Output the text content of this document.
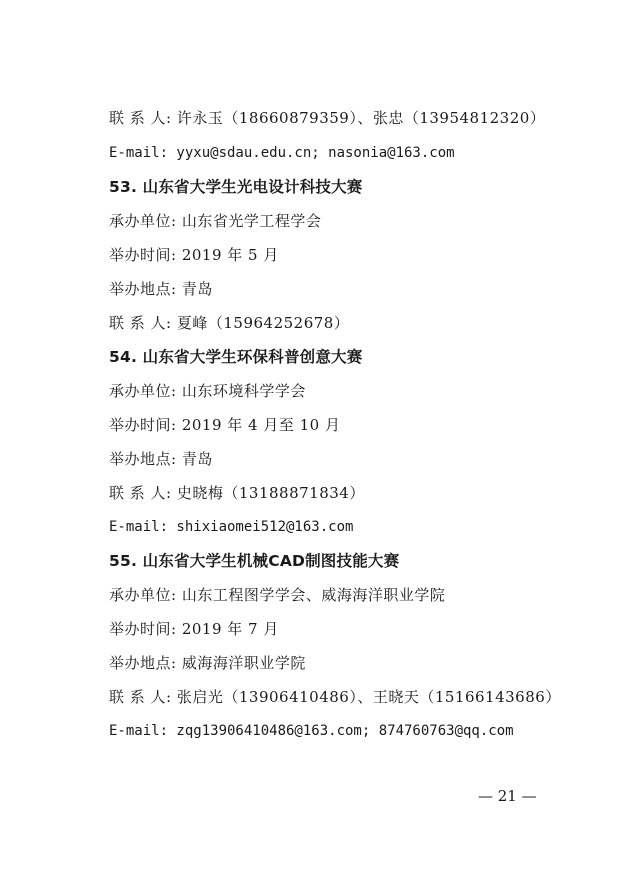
联 系 人: 许永玉（18660879359）、张忠（13954812320）
E-mail: yyxu@sdau.edu.cn; nasonia@163.com
53. 山东省大学生光电设计科技大赛
承办单位: 山东省光学工程学会
举办时间: 2019 年 5 月
举办地点: 青岛
联 系 人: 夏峰（15964252678）
54. 山东省大学生环保科普创意大赛
承办单位: 山东环境科学学会
举办时间: 2019 年 4 月至 10 月
举办地点: 青岛
联 系 人: 史晓梅（13188871834）
E-mail: shixiaomei512@163.com
55. 山东省大学生机械CAD制图技能大赛
承办单位: 山东工程图学学会、威海海洋职业学院
举办时间: 2019 年 7 月
举办地点: 威海海洋职业学院
联 系 人: 张启光（13906410486）、王晓天（15166143686）
E-mail: zqg13906410486@163.com; 874760763@qq.com
— 21 —
